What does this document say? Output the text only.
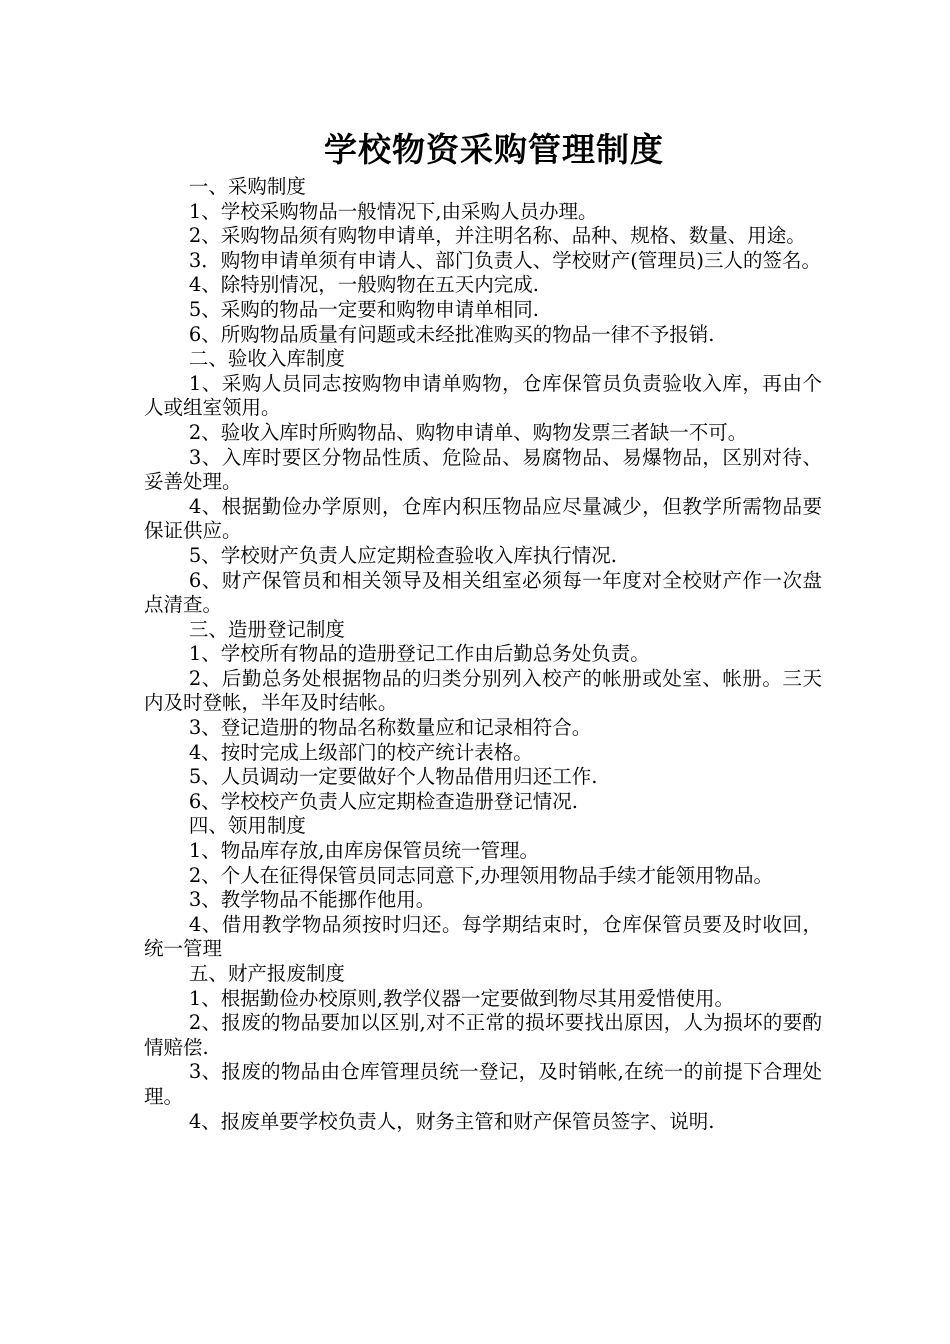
学校物资采购管理制度

一、采购制度

1、学校采购物品一般情况下,由采购人员办理。

2、采购物品须有购物申请单，并注明名称、品种、规格、数量、用途。

3．购物申请单须有申请人、部门负责人、学校财产(管理员)三人的签名。

4、除特别情况，一般购物在五天内完成.

5、采购的物品一定要和购物申请单相同.

6、所购物品质量有问题或未经批准购买的物品一律不予报销.

二、验收入库制度

1、采购人员同志按购物申请单购物，仓库保管员负责验收入库，再由个人或组室领用。

2、验收入库时所购物品、购物申请单、购物发票三者缺一不可。

3、入库时要区分物品性质、危险品、易腐物品、易爆物品，区别对待、妥善处理。

4、根据勤俭办学原则，仓库内积压物品应尽量减少，但教学所需物品要保证供应。

5、学校财产负责人应定期检查验收入库执行情况.

6、财产保管员和相关领导及相关组室必须每一年度对全校财产作一次盘点清查。

三、造册登记制度

1、学校所有物品的造册登记工作由后勤总务处负责。

2、后勤总务处根据物品的归类分别列入校产的帐册或处室、帐册。三天内及时登帐，半年及时结帐。

3、登记造册的物品名称数量应和记录相符合。

4、按时完成上级部门的校产统计表格。

5、人员调动一定要做好个人物品借用归还工作.

6、学校校产负责人应定期检查造册登记情况.

四、领用制度

1、物品库存放,由库房保管员统一管理。

2、个人在征得保管员同志同意下,办理领用物品手续才能领用物品。

3、教学物品不能挪作他用。

4、借用教学物品须按时归还。每学期结束时，仓库保管员要及时收回，统一管理

五、财产报废制度

1、根据勤俭办校原则,教学仪器一定要做到物尽其用爱惜使用。

2、报废的物品要加以区别,对不正常的损坏要找出原因，人为损坏的要酌情赔偿.

3、报废的物品由仓库管理员统一登记，及时销帐,在统一的前提下合理处理。

4、报废单要学校负责人，财务主管和财产保管员签字、说明.
